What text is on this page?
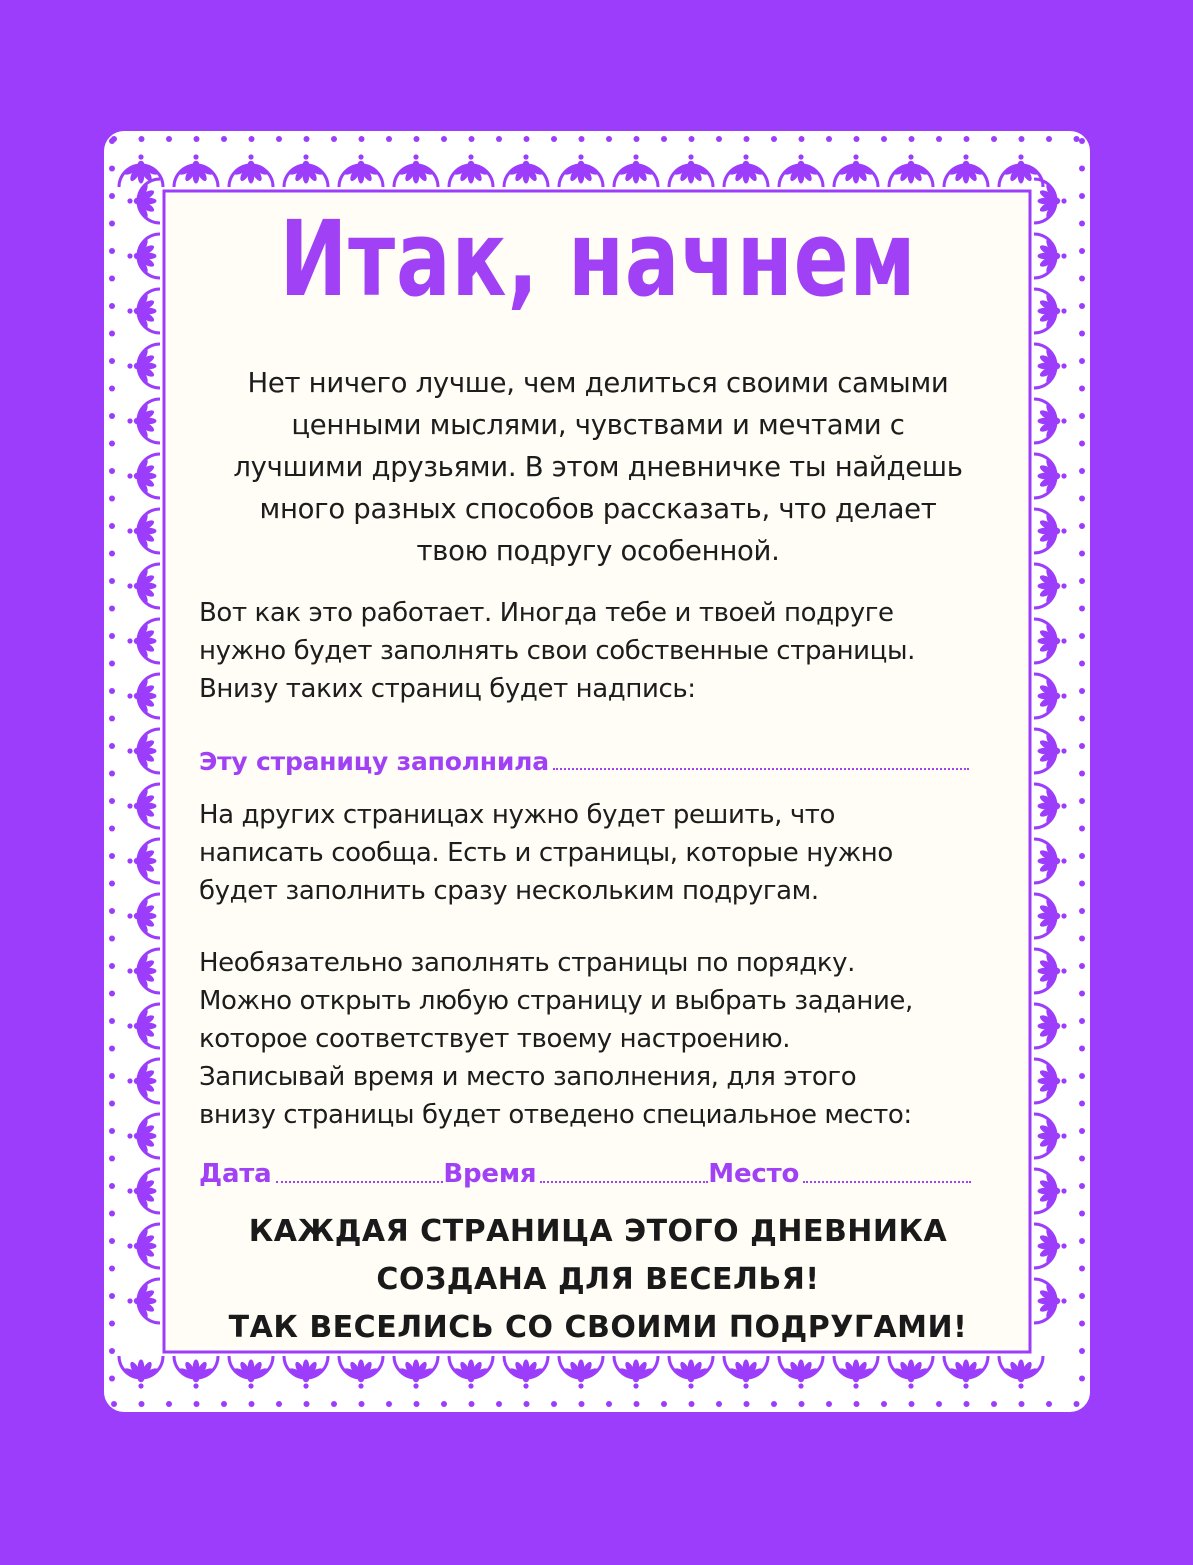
Итак, начнем
Нет ничего лучше, чем делиться своими самыми
ценными мыслями, чувствами и мечтами с
лучшими друзьями. В этом дневничке ты найдешь
много разных способов рассказать, что делает
твою подругу особенной.
Вот как это работает. Иногда тебе и твоей подруге
нужно будет заполнять свои собственные страницы.
Внизу таких страниц будет надпись:
Эту страницу заполнила
На других страницах нужно будет решить, что
написать сообща. Есть и страницы, которые нужно
будет заполнить сразу нескольким подругам.
Необязательно заполнять страницы по порядку.
Можно открыть любую страницу и выбрать задание,
которое соответствует твоему настроению.
Записывай время и место заполнения, для этого
внизу страницы будет отведено специальное место:
Дата	Время	Место
КАЖДАЯ СТРАНИЦА ЭТОГО ДНЕВНИКА
СОЗДАНА ДЛЯ ВЕСЕЛЬЯ!
ТАК ВЕСЕЛИСЬ СО СВОИМИ ПОДРУГАМИ!
